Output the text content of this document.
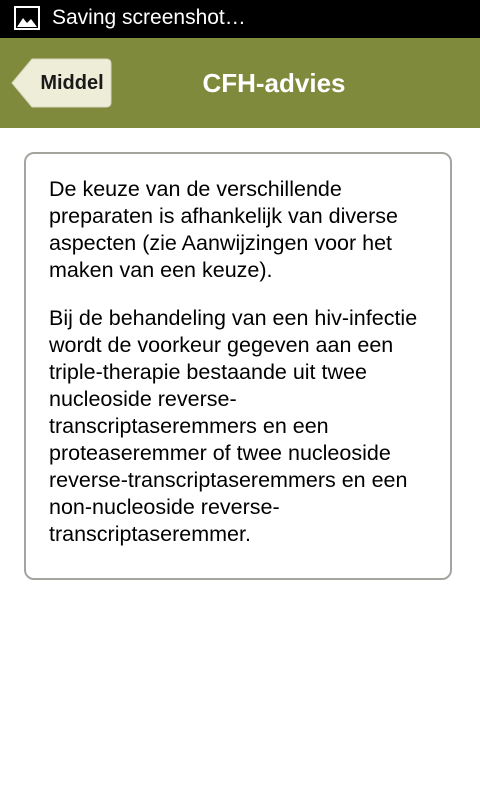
Saving screenshot…
Middel	CFH-advies

De keuze van de verschillende preparaten is afhankelijk van diverse aspecten (zie Aanwijzingen voor het maken van een keuze).

Bij de behandeling van een hiv-infectie wordt de voorkeur gegeven aan een triple-therapie bestaande uit twee nucleoside reverse-transcriptaseremmers en een proteaseremmer of twee nucleoside reverse-transcriptaseremmers en een non-nucleoside reverse-transcriptaseremmer.
